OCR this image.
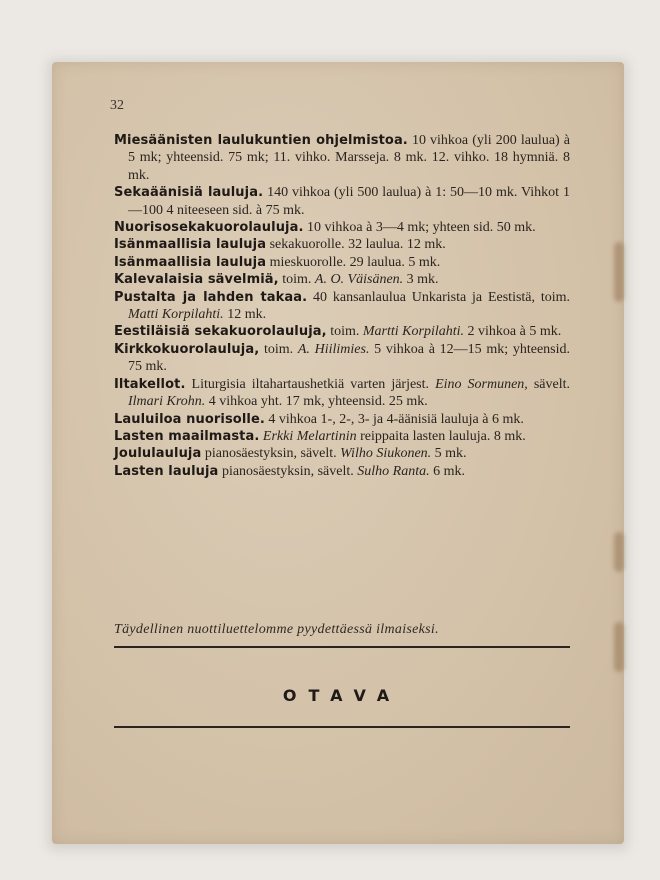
32

Miesäänisten laulukuntien ohjelmistoa. 10 vihkoa (yli 200 laulua) à 5 mk; yhteensid. 75 mk; 11. vihko. Marsseja. 8 mk. 12. vihko. 18 hymniä. 8 mk.

Sekaäänisiä lauluja. 140 vihkoa (yli 500 laulua) à 1: 50—10 mk. Vihkot 1—100 4 niteeseen sid. à 75 mk.

Nuorisosekakuorolauluja. 10 vihkoa à 3—4 mk; yhteen sid. 50 mk.

Isänmaallisia lauluja sekakuorolle. 32 laulua. 12 mk.

Isänmaallisia lauluja mieskuorolle. 29 laulua. 5 mk.

Kalevalaisia sävelmiä, toim. A. O. Väisänen. 3 mk.

Pustalta ja lahden takaa. 40 kansanlaulua Unkarista ja Eestistä, toim. Matti Korpilahti. 12 mk.

Eestiläisiä sekakuorolauluja, toim. Martti Korpilahti. 2 vihkoa à 5 mk.

Kirkkokuorolauluja, toim. A. Hiilimies. 5 vihkoa à 12—15 mk; yhteensid. 75 mk.

Iltakellot. Liturgisia iltahartaushetkiä varten järjest. Eino Sormunen, sävelt. Ilmari Krohn. 4 vihkoa yht. 17 mk, yhteensid. 25 mk.

Lauluiloa nuorisolle. 4 vihkoa 1-, 2-, 3- ja 4-äänisiä lauluja à 6 mk.

Lasten maailmasta. Erkki Melartinin reippaita lasten lauluja. 8 mk.

Joululauluja pianosäestyksin, sävelt. Wilho Siukonen. 5 mk.

Lasten lauluja pianosäestyksin, sävelt. Sulho Ranta. 6 mk.

Täydellinen nuottiluettelomme pyydettäessä ilmaiseksi.
OTAVA
